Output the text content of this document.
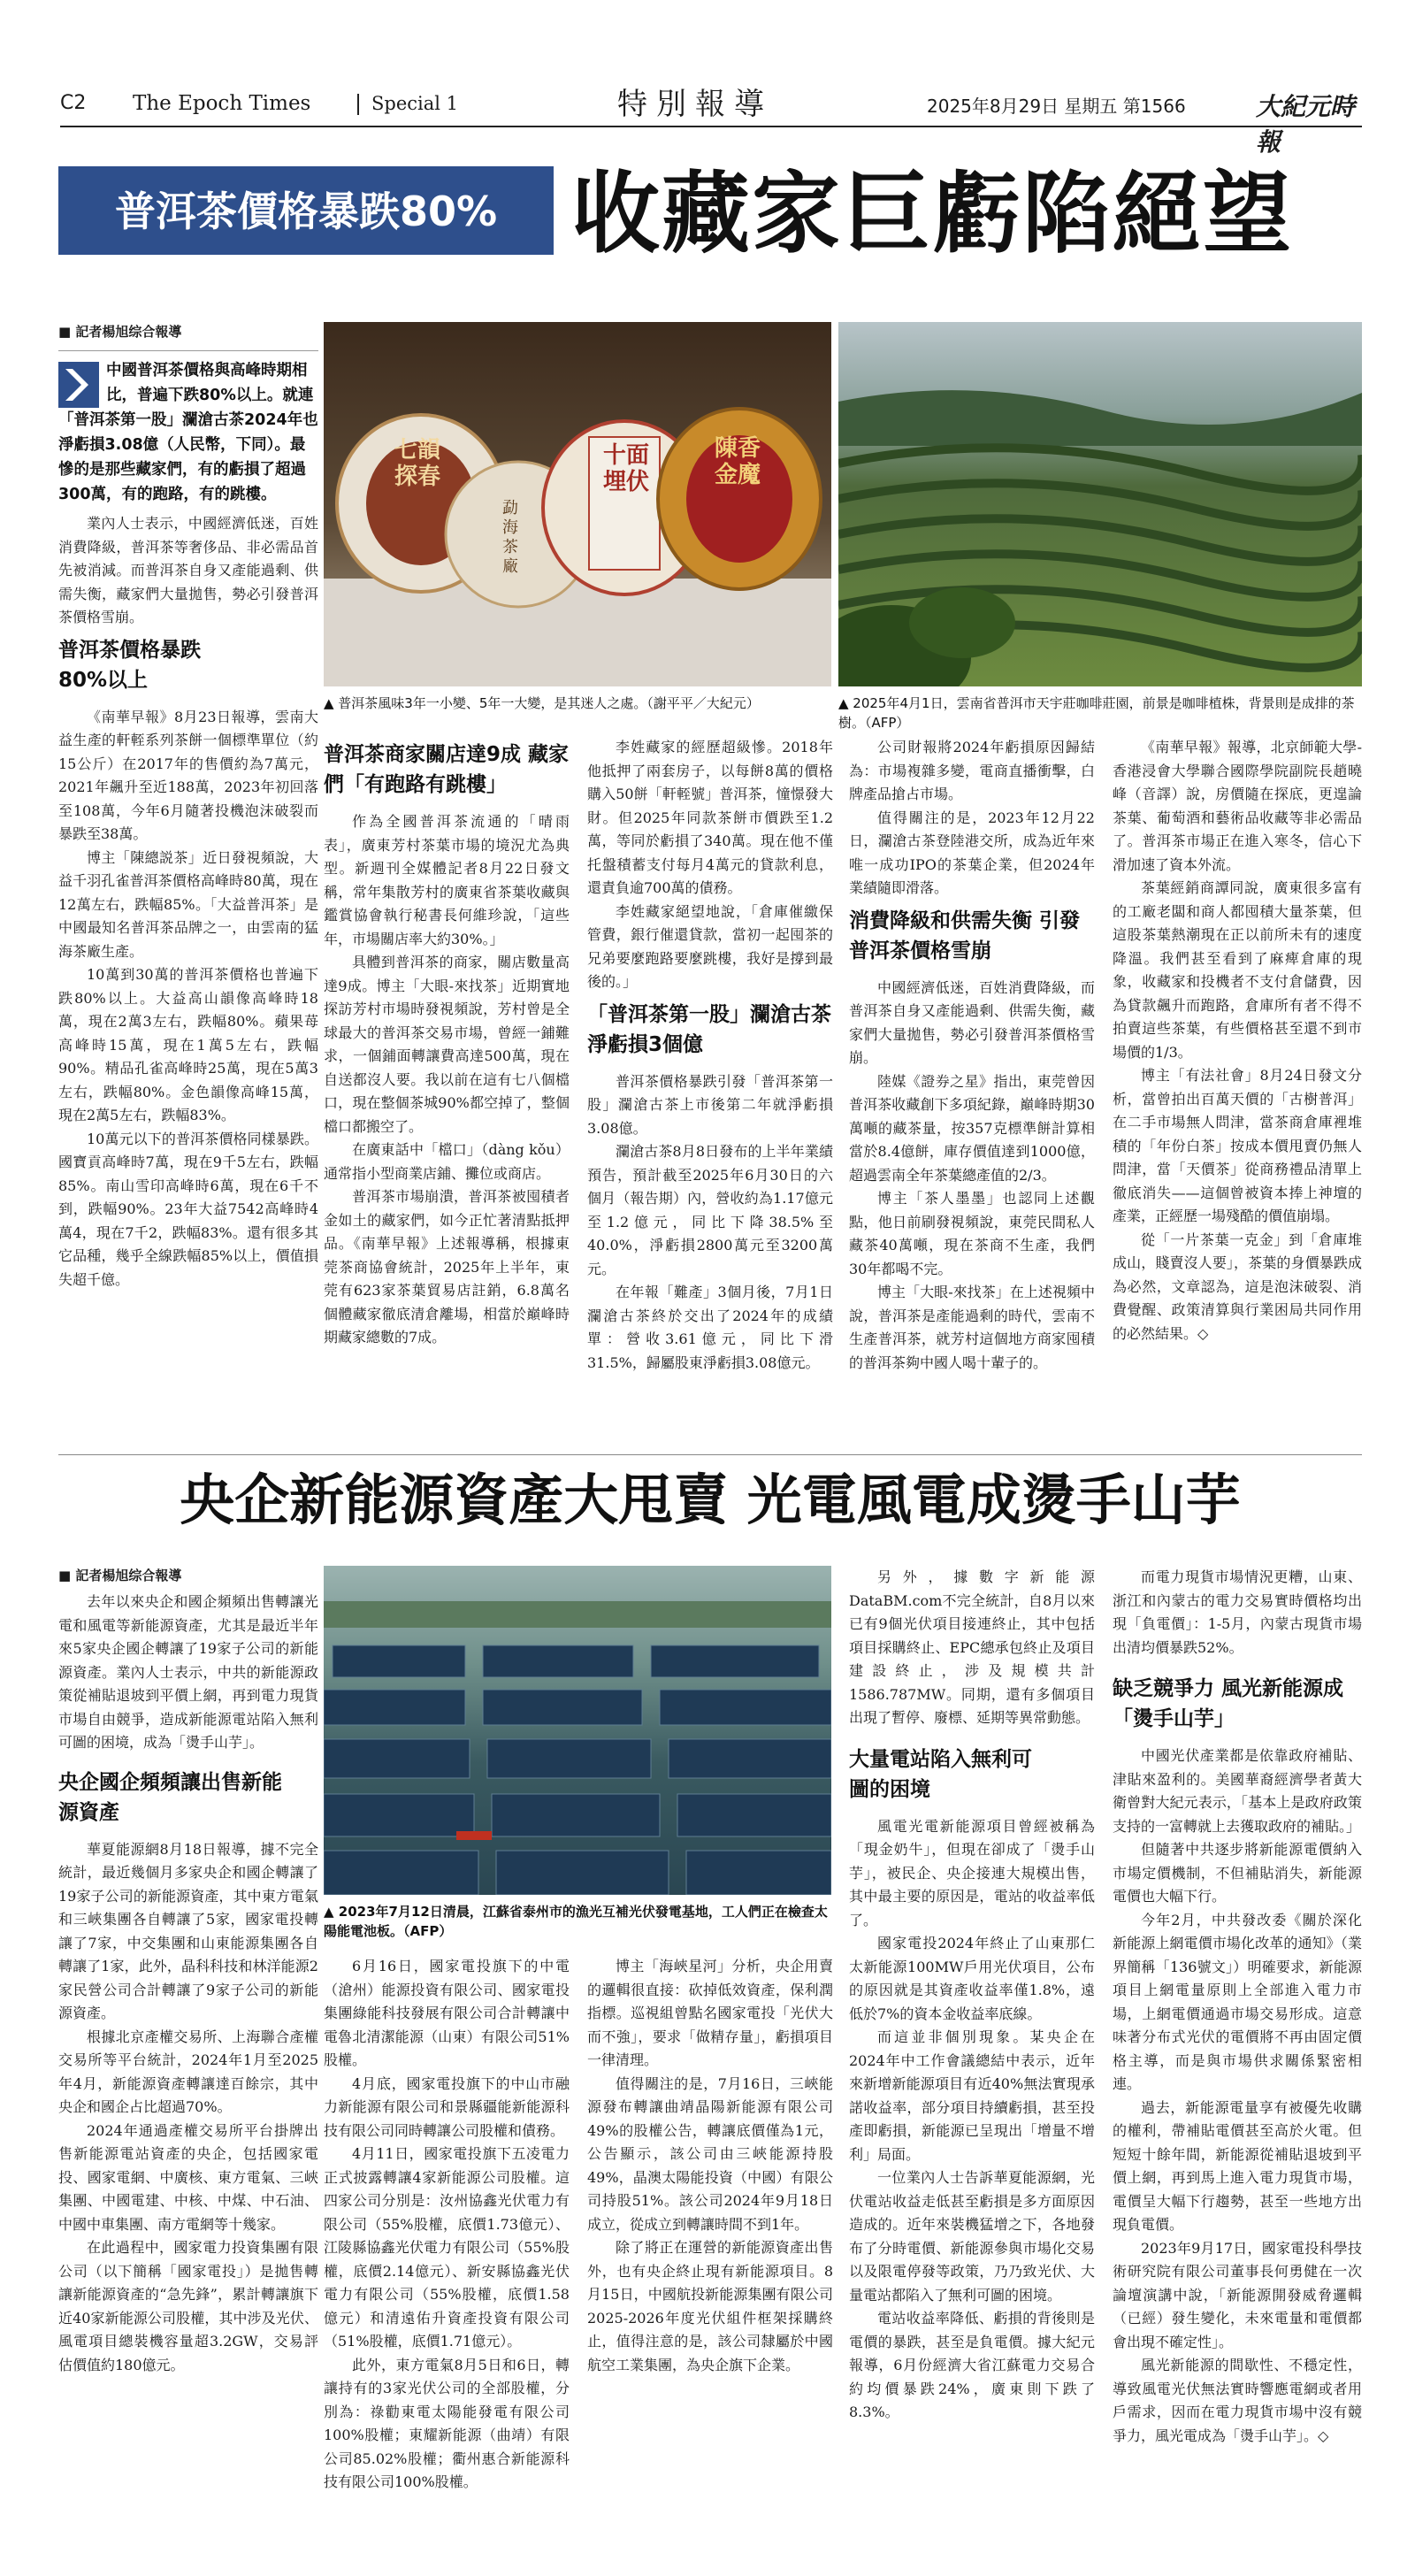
C2 The Epoch Times	Special 1	特別報導	2025年8月29日 星期五 第1566	大紀元時報
普洱茶價格暴跌80% 收藏家巨虧陷絕望
■ 記者楊旭综合報導
中國普洱茶價格與高峰時期相比，普遍下跌80%以上。就連「普洱茶第一股」瀾滄古茶2024年也淨虧損3.08億（人民幣，下同）。最慘的是那些藏家們，有的虧損了超過300萬，有的跑路，有的跳樓。

業內人士表示，中國經濟低迷，百姓消費降級，普洱茶等奢侈品、非必需品首先被消減。而普洱茶自身又產能過剩、供需失衡，藏家們大量拋售，勢必引發普洱茶價格雪崩。

普洱茶價格暴跌80%以上

《南華早報》8月23日報導，雲南大益生產的軒輊系列茶餅一個標準單位（約15公斤）在2017年的售價約為7萬元，2021年飆升至近188萬，2023年初回落至108萬，今年6月隨著投機泡沫破裂而暴跌至38萬。

博主「陳總説茶」近日發視頻說，大益千羽孔雀普洱茶價格高峰時80萬，現在12萬左右，跌幅85%。「大益普洱茶」是中國最知名普洱茶品牌之一，由雲南的猛海茶廠生產。

10萬到30萬的普洱茶價格也普遍下跌80%以上。大益高山韻像高峰時18萬，現在2萬3左右，跌幅80%。蘋果苺高峰時15萬，現在1萬5左右，跌幅90%。精品孔雀高峰時25萬，現在5萬3左右，跌幅80%。金色韻像高峰15萬，現在2萬5左右，跌幅83%。

10萬元以下的普洱茶價格同樣暴跌。國寶貢高峰時7萬，現在9千5左右，跌幅85%。南山雪印高峰時6萬，現在6千不到，跌幅90%。23年大益7542高峰時4萬4，現在7千2，跌幅83%。還有很多其它品種，幾乎全線跌幅85%以上，價值損失超千億。

七韻探春
勐海茶廠
十面埋伏
陳香金魔
▲ 普洱茶風味3年一小變、5年一大變，是其迷人之處。（謝平平／大紀元）	▲ 2025年4月1日，雲南省普洱市天宇莊咖啡莊園，前景是咖啡植株，背景則是成排的茶樹。（AFP）
普洱茶商家關店達9成 藏家們「有跑路有跳樓」

作為全國普洱茶流通的「晴雨表」，廣東芳村茶葉市場的境況尤為典型。新週刊全媒體記者8月22日發文稱，常年集散芳村的廣東省茶葉收藏與鑑賞協會執行秘書長何維珍說，「這些年，市場關店率大約30%。」

具體到普洱茶的商家，關店數量高達9成。博主「大眼-來找茶」近期實地探訪芳村市場時發視頻說，芳村曾是全球最大的普洱茶交易市場，曾經一鋪難求，一個鋪面轉讓費高達500萬，現在自送都沒人要。我以前在這有七八個檔口，現在整個茶城90%都空掉了，整個檔口都搬空了。

在廣東話中「檔口」（dàng kǒu）通常指小型商業店鋪、攤位或商店。

普洱茶市場崩潰，普洱茶被囤積者金如土的藏家們，如今正忙著清點抵押品。《南華早報》上述報導稱，根據東莞茶商協會統計，2025年上半年，東莞有623家茶葉貿易店註銷，6.8萬名個體藏家徹底清倉離場，相當於巔峰時期藏家總數的7成。

李姓藏家的經歷超級慘。2018年他抵押了兩套房子，以每餅8萬的價格購入50餅「軒輊號」普洱茶，憧憬發大財。但2025年同款茶餅市價跌至1.2萬，等同於虧損了340萬。現在他不僅托盤積蓄支付每月4萬元的貸款利息，還責負逾700萬的債務。

李姓藏家絕望地說，「倉庫催繳保管費，銀行催還貸款，當初一起囤茶的兄弟要麼跑路要麼跳樓，我好是撐到最後的。」

「普洱茶第一股」瀾滄古茶淨虧損3個億

普洱茶價格暴跌引發「普洱茶第一股」瀾滄古茶上市後第二年就淨虧損3.08億。

瀾滄古茶8月8日發布的上半年業績預告，預計截至2025年6月30日的六個月（報告期）內，營收約為1.17億元至1.2億元，同比下降38.5%至40.0%，淨虧損2800萬元至3200萬元。

在年報「難產」3個月後，7月1日瀾滄古茶終於交出了2024年的成績單：營收3.61億元，同比下滑31.5%，歸屬股東淨虧損3.08億元。

公司財報將2024年虧損原因歸結為：市場複雜多變，電商直播衝擊，白牌產品搶占市場。

值得關注的是，2023年12月22日，瀾滄古茶登陸港交所，成為近年來唯一成功IPO的茶葉企業，但2024年業績隨即滑落。

消費降級和供需失衡 引發普洱茶價格雪崩

中國經濟低迷，百姓消費降級，而普洱茶自身又產能過剩、供需失衡，藏家們大量拋售，勢必引發普洱茶價格雪崩。

陸媒《證券之星》指出，東莞曾因普洱茶收藏創下多項紀錄，巔峰時期30萬噸的藏茶量，按357克標準餅計算相當於8.4億餅，庫存價值達到1000億，超過雲南全年茶葉總產值的2/3。

博主「茶人墨墨」也認同上述觀點，他日前刷發視頻說，東莞民間私人藏茶40萬噸，現在茶商不生產，我們30年都喝不完。

博主「大眼-來找茶」在上述視頻中說，普洱茶是產能過剩的時代，雲南不生產普洱茶，就芳村這個地方商家囤積的普洱茶夠中國人喝十輩子的。

《南華早報》報導，北京師範大學-香港浸會大學聯合國際學院副院長趙曉峰（音譯）說，房價隨在探底，更遑論茶葉、葡萄酒和藝術品收藏等非必需品了。普洱茶市場正在進入寒冬，信心下滑加速了資本外流。

茶葉經銷商譚同說，廣東很多富有的工廠老闆和商人都囤積大量茶葉，但這股茶葉熱潮現在正以前所未有的速度降溫。我們甚至看到了麻痺倉庫的現象，收藏家和投機者不支付倉儲費，因為貸款飆升而跑路，倉庫所有者不得不拍賣這些茶葉，有些價格甚至還不到市場價的1/3。

博主「有法社會」8月24日發文分析，當曾拍出百萬天價的「古樹普洱」在二手市場無人問津，當茶商倉庫裡堆積的「年份白茶」按成本價甩賣仍無人問津，當「天價茶」從商務禮品清單上徹底消失——這個曾被資本捧上神壇的產業，正經歷一場殘酷的價值崩塌。

從「一片茶葉一克金」到「倉庫堆成山，賤賣沒人要」，茶葉的身價暴跌成為必然，文章認為，這是泡沫破裂、消費覺醒、政策清算與行業困局共同作用的必然結果。◇

央企新能源資產大甩賣 光電風電成燙手山芋
■ 記者楊旭综合報導

去年以來央企和國企頻頻出售轉讓光電和風電等新能源資產，尤其是最近半年來5家央企國企轉讓了19家子公司的新能源資產。業內人士表示，中共的新能源政策從補貼退坡到平價上網，再到電力現貨市場自由競爭，造成新能源電站陷入無利可圖的困境，成為「燙手山芋」。

央企國企頻頻讓出售新能源資產

華夏能源網8月18日報導，據不完全統計，最近幾個月多家央企和國企轉讓了19家子公司的新能源資產，其中東方電氣和三峽集團各自轉讓了5家，國家電投轉讓了7家，中交集團和山東能源集團各自轉讓了1家，此外，晶科科技和林洋能源2家民營公司合計轉讓了9家子公司的新能源資產。

根據北京產權交易所、上海聯合產權交易所等平台統計，2024年1月至2025年4月，新能源資產轉讓達百餘宗，其中央企和國企占比超過70%。

2024年通過產權交易所平台掛牌出售新能源電站資產的央企，包括國家電投、國家電網、中廣核、東方電氣、三峽集團、中國電建、中核、中煤、中石油、中國中車集團、南方電網等十幾家。

在此過程中，國家電力投資集團有限公司（以下簡稱「國家電投」）是拋售轉讓新能源資產的“急先鋒”，累計轉讓旗下近40家新能源公司股權，其中涉及光伏、風電項目總裝機容量超3.2GW，交易評估價值約180億元。

▲ 2023年7月12日清晨，江蘇省泰州市的漁光互補光伏發電基地，工人們正在檢查太陽能電池板。（AFP）

6月16日，國家電投旗下的中電（滄州）能源投資有限公司、國家電投集團綠能科技發展有限公司合計轉讓中電魯北清潔能源（山東）有限公司51%股權。

4月底，國家電投旗下的中山市融力新能源有限公司和景縣疆能新能源科技有限公司同時轉讓公司股權和債務。

4月11日，國家電投旗下五凌電力正式披露轉讓4家新能源公司股權。這四家公司分別是：汝州協鑫光伏電力有限公司（55%股權，底價1.73億元）、江陵縣協鑫光伏電力有限公司（55%股權，底價2.14億元）、新安縣協鑫光伏電力有限公司（55%股權，底價1.58億元）和清遠佑升資產投資有限公司（51%股權，底價1.71億元）。

此外，東方電氣8月5日和6日，轉讓持有的3家光伏公司的全部股權，分別為：祿勸東電太陽能發電有限公司100%股權；東耀新能源（曲靖）有限公司85.02%股權；衢州惠合新能源科技有限公司100%股權。

博主「海峽星河」分析，央企用賣的邏輯很直接：砍掉低效資產，保利潤指標。巡視組曾點名國家電投「光伏大而不強」，要求「做精存量」，虧損項目一律清理。

值得關注的是，7月16日，三峽能源發布轉讓曲靖晶陽新能源有限公司49%的股權公告，轉讓底價僅為1元，公告顯示，該公司由三峽能源持股49%，晶澳太陽能投資（中國）有限公司持股51%。該公司2024年9月18日成立，從成立到轉讓時間不到1年。

除了將正在運營的新能源資產出售外，也有央企終止現有新能源項目。8月15日，中國航投新能源集團有限公司2025-2026年度光伏組件框架採購終止，值得注意的是，該公司隸屬於中國航空工業集團，為央企旗下企業。

另外，據數字新能源DataBM.com不完全統計，自8月以來已有9個光伏項目接連終止，其中包括項目採購終止、EPC總承包終止及項目建設終止，涉及規模共計1586.787MW。同期，還有多個項目出現了暫停、廢標、延期等異常動態。

大量電站陷入無利可圖的困境

風電光電新能源項目曾經被稱為「現金奶牛」，但現在卻成了「燙手山芋」，被民企、央企接連大規模出售，其中最主要的原因是，電站的收益率低了。

國家電投2024年終止了山東那仁太新能源100MW戶用光伏項目，公布的原因就是其資產收益率僅1.8%，遠低於7%的資本金收益率底線。

而這並非個別現象。某央企在2024年中工作會議總結中表示，近年來新增新能源項目有近40%無法實現承諾收益率，部分項目持續虧損，甚至投產即虧損，新能源已呈現出「增量不增利」局面。

一位業內人士告訴華夏能源網，光伏電站收益走低甚至虧損是多方面原因造成的。近年來裝機猛增之下，各地發布了分時電價、新能源參與市場化交易以及限電停發等政策，乃乃致光伏、大量電站都陷入了無利可圖的困境。

電站收益率降低、虧損的背後則是電價的暴跌，甚至是負電價。據大紀元報導，6月份經濟大省江蘇電力交易合約均價暴跌24%，廣東則下跌了8.3%。

而電力現貨市場情況更糟，山東、浙江和內蒙古的電力交易實時價格均出現「負電價」：1-5月，內蒙古現貨市場出清均價暴跌52%。

缺乏競爭力 風光新能源成「燙手山芋」

中國光伏產業都是依靠政府補貼、津貼來盈利的。美國華裔經濟學者黃大衛曾對大紀元表示，「基本上是政府政策支持的一富轉就上去獲取政府的補貼。」

但隨著中共逐步將新能源電價納入市場定價機制，不但補貼消失，新能源電價也大幅下行。

今年2月，中共發改委《關於深化新能源上網電價市場化改革的通知》（業界簡稱「136號文」）明確要求，新能源項目上網電量原則上全部進入電力市場，上網電價通過市場交易形成。這意味著分布式光伏的電價將不再由固定價格主導，而是與市場供求關係緊密相連。

過去，新能源電量享有被優先收購的權利，帶補貼電價甚至高於火電。但短短十餘年間，新能源從補貼退坡到平價上網，再到馬上進入電力現貨市場，電價呈大幅下行趨勢，甚至一些地方出現負電價。

2023年9月17日，國家電投科學技術研究院有限公司董事長何勇健在一次論壇演講中說，「新能源開發威脅邏輯（已經）發生變化，未來電量和電價都會出現不確定性」。

風光新能源的間歇性、不穩定性，導致風電光伏無法實時響應電網或者用戶需求，因而在電力現貨市場中沒有競爭力，風光電成為「燙手山芋」。◇
